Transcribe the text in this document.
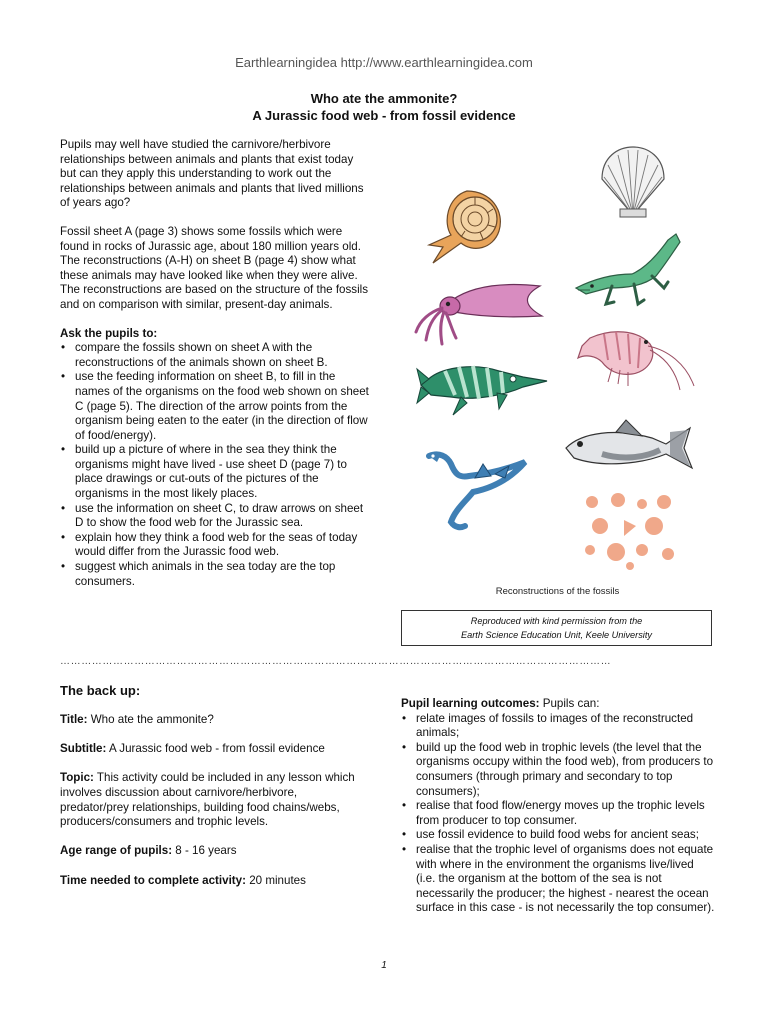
Earthlearningidea http://www.earthlearningidea.com
Who ate the ammonite?
A Jurassic food web - from fossil evidence

Pupils may well have studied the carnivore/herbivore relationships between animals and plants that exist today but can they apply this understanding to work out the relationships between animals and plants that lived millions of years ago?

Fossil sheet A (page 3) shows some fossils which were found in rocks of Jurassic age, about 180 million years old. The reconstructions (A-H) on sheet B (page 4) show what these animals may have looked like when they were alive. The reconstructions are based on the structure of the fossils and on comparison with similar, present-day animals.

Ask the pupils to:

• compare the fossils shown on sheet A with the reconstructions of the animals shown on sheet B.
• use the feeding information on sheet B, to fill in the names of the organisms on the food web shown on sheet C (page 5). The direction of the arrow points from the organism being eaten to the eater (in the direction of flow of food/energy).
• build up a picture of where in the sea they think the organisms might have lived - use sheet D (page 7) to place drawings or cut-outs of the pictures of the organisms in the most likely places.
• use the information on sheet C, to draw arrows on sheet D to show the food web for the Jurassic sea.
• explain how they think a food web for the seas of today would differ from the Jurassic food web.
• suggest which animals in the sea today are the top consumers.
Reconstructions of the fossils
Reproduced with kind permission from the
Earth Science Education Unit, Keele University
…………………………………………………………………………………………………………………………………………
The back up:

Title: Who ate the ammonite?

Subtitle: A Jurassic food web - from fossil evidence

Topic: This activity could be included in any lesson which involves discussion about carnivore/herbivore, predator/prey relationships, building food chains/webs, producers/consumers and trophic levels.

Age range of pupils: 8 - 16 years

Time needed to complete activity: 20 minutes

Pupil learning outcomes: Pupils can:

• relate images of fossils to images of the reconstructed animals;
• build up the food web in trophic levels (the level that the organisms occupy within the food web), from producers to consumers (through primary and secondary to top consumers);
• realise that food flow/energy moves up the trophic levels from producer to top consumer.
• use fossil evidence to build food webs for ancient seas;
• realise that the trophic level of organisms does not equate with where in the environment the organisms live/lived (i.e. the organism at the bottom of the sea is not necessarily the producer; the highest - nearest the ocean surface in this case - is not necessarily the top consumer).
1
